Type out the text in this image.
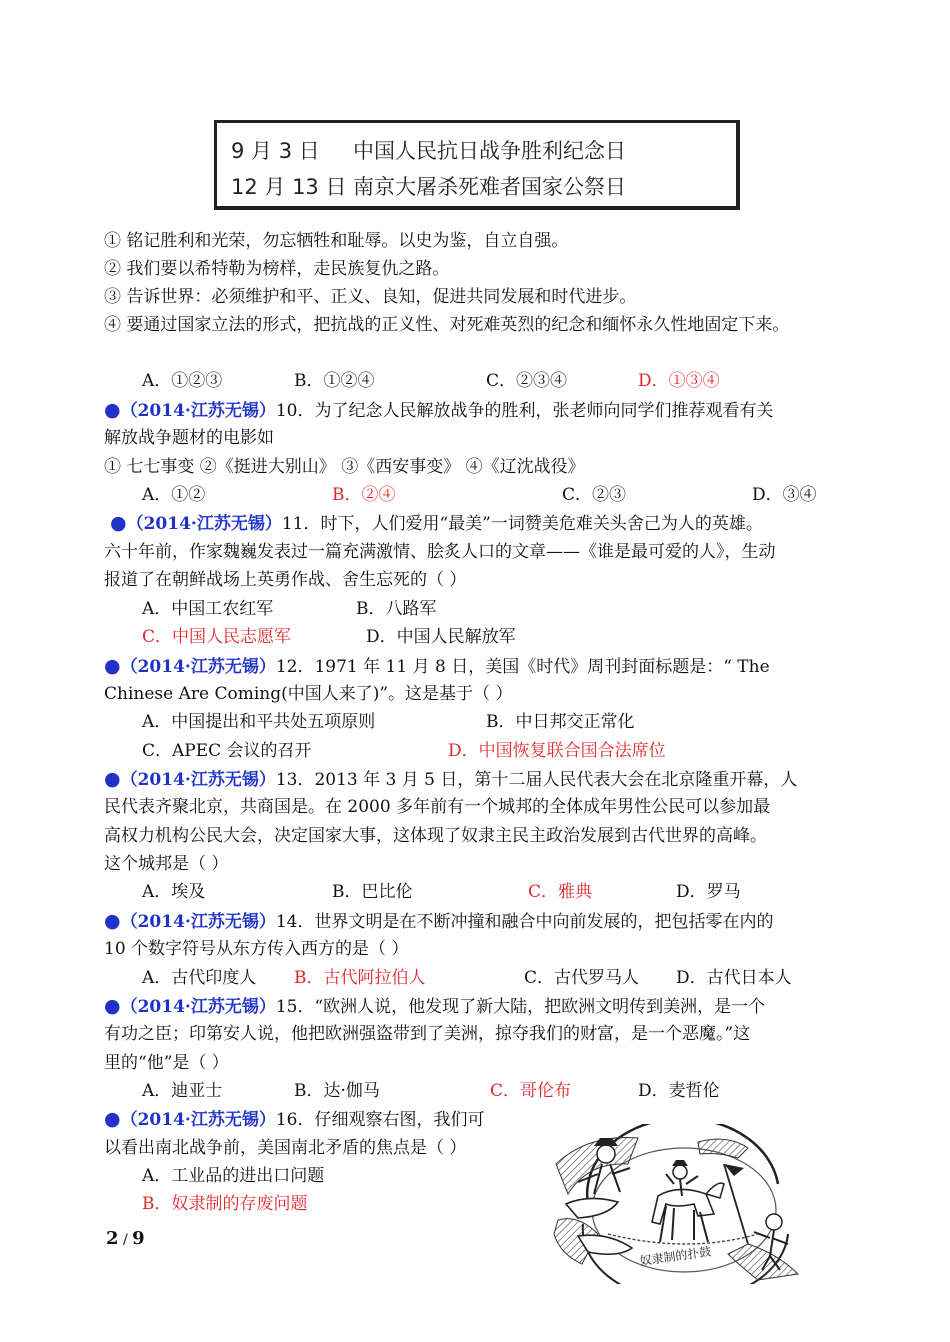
9 月 3 日 中国人民抗日战争胜利纪念日
12 月 13 日 南京大屠杀死难者国家公祭日
① 铭记胜利和光荣，勿忘牺牲和耻辱。以史为鉴，自立自强。
② 我们要以希特勒为榜样，走民族复仇之路。
③ 告诉世界：必须维护和平、正义、良知，促进共同发展和时代进步。
④ 要通过国家立法的形式，把抗战的正义性、对死难英烈的纪念和缅怀永久性地固定下来。
A．①②③	B．①②④	C．②③④	D．①③④
●（2014·江苏无锡）10．为了纪念人民解放战争的胜利，张老师向同学们推荐观看有关
解放战争题材的电影如
① 七七事变 ②《挺进大别山》 ③《西安事变》 ④《辽沈战役》
A．①②	B．②④	C．②③	D．③④
●（2014·江苏无锡）11．时下，人们爱用“最美”一词赞美危难关头舍己为人的英雄。
六十年前，作家魏巍发表过一篇充满激情、脍炙人口的文章——《谁是最可爱的人》，生动
报道了在朝鲜战场上英勇作战、舍生忘死的（ ）
A．中国工农红军	B．八路军
C．中国人民志愿军	D．中国人民解放军
●（2014·江苏无锡）12．1971 年 11 月 8 日，美国《时代》周刊封面标题是：“ The
Chinese Are Coming(中国人来了)”。这是基于（ ）
A．中国提出和平共处五项原则	B．中日邦交正常化
C．APEC 会议的召开	D．中国恢复联合国合法席位
●（2014·江苏无锡）13．2013 年 3 月 5 日，第十二届人民代表大会在北京隆重开幕，人
民代表齐聚北京，共商国是。在 2000 多年前有一个城邦的全体成年男性公民可以参加最
高权力机构公民大会，决定国家大事，这体现了奴隶主民主政治发展到古代世界的高峰。
这个城邦是（ ）
A．埃及	B．巴比伦	C．雅典	D．罗马
●（2014·江苏无锡）14．世界文明是在不断冲撞和融合中向前发展的，把包括零在内的
10 个数字符号从东方传入西方的是（ ）
A．古代印度人 B．古代阿拉伯人	C．古代罗马人 D．古代日本人
●（2014·江苏无锡）15．“欧洲人说，他发现了新大陆，把欧洲文明传到美洲，是一个
有功之臣；印第安人说，他把欧洲强盗带到了美洲，掠夺我们的财富，是一个恶魔。”这
里的“他”是（ ）
A．迪亚士	B．达·伽马	C．哥伦布	D．麦哲伦
●（2014·江苏无锡）16．仔细观察右图，我们可
以看出南北战争前，美国南北矛盾的焦点是（ ）
A．工业品的进出口问题
B．奴隶制的存废问题
奴隶制的扑鼓
2 / 9
